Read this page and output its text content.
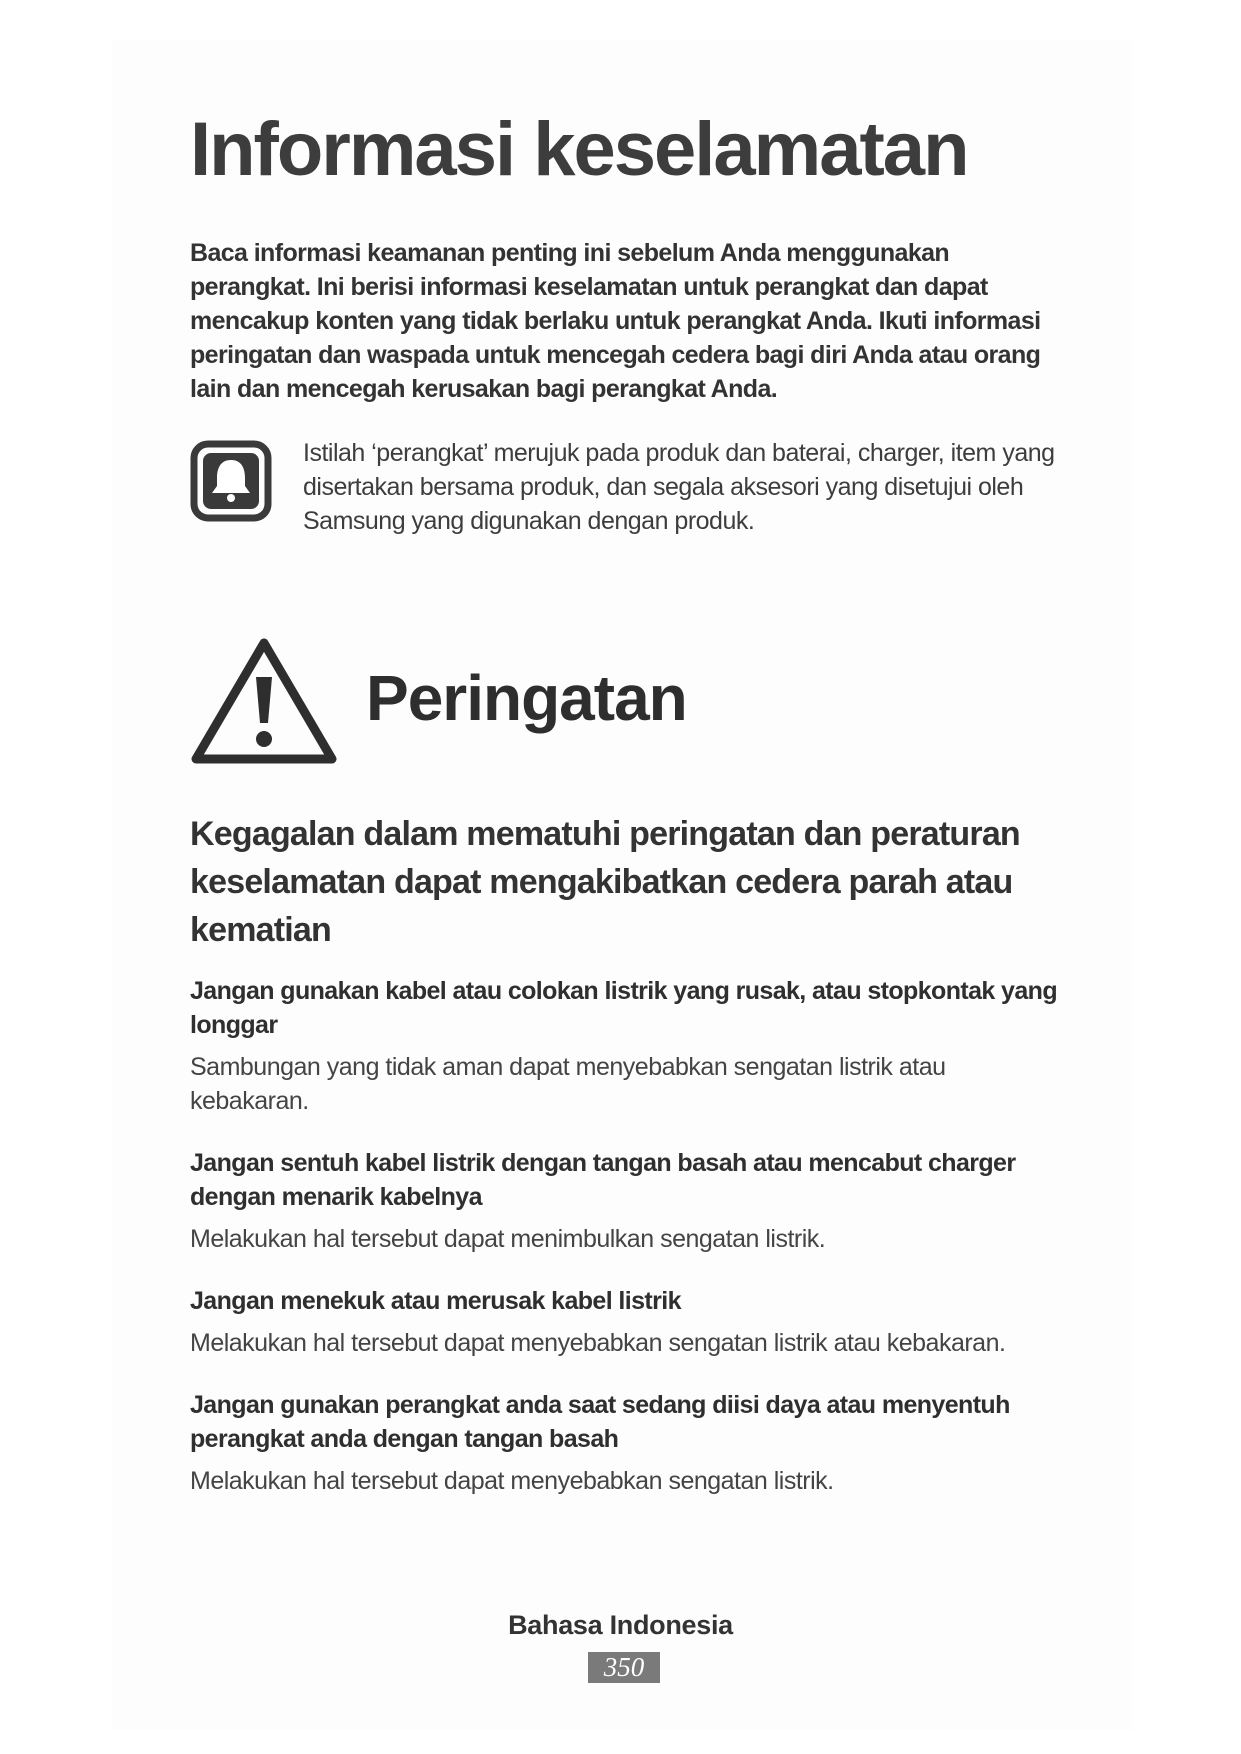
Informasi keselamatan

Baca informasi keamanan penting ini sebelum Anda menggunakan perangkat. Ini berisi informasi keselamatan untuk perangkat dan dapat mencakup konten yang tidak berlaku untuk perangkat Anda. Ikuti informasi peringatan dan waspada untuk mencegah cedera bagi diri Anda atau orang lain dan mencegah kerusakan bagi perangkat Anda.

Istilah ‘perangkat’ merujuk pada produk dan baterai, charger, item yang disertakan bersama produk, dan segala aksesori yang disetujui oleh Samsung yang digunakan dengan produk.

Peringatan
Kegagalan dalam mematuhi peringatan dan peraturan keselamatan dapat mengakibatkan cedera parah atau kematian

Jangan gunakan kabel atau colokan listrik yang rusak, atau stopkontak yang longgar

Sambungan yang tidak aman dapat menyebabkan sengatan listrik atau kebakaran.

Jangan sentuh kabel listrik dengan tangan basah atau mencabut charger dengan menarik kabelnya

Melakukan hal tersebut dapat menimbulkan sengatan listrik.

Jangan menekuk atau merusak kabel listrik

Melakukan hal tersebut dapat menyebabkan sengatan listrik atau kebakaran.

Jangan gunakan perangkat anda saat sedang diisi daya atau menyentuh perangkat anda dengan tangan basah

Melakukan hal tersebut dapat menyebabkan sengatan listrik.

Bahasa Indonesia
350
